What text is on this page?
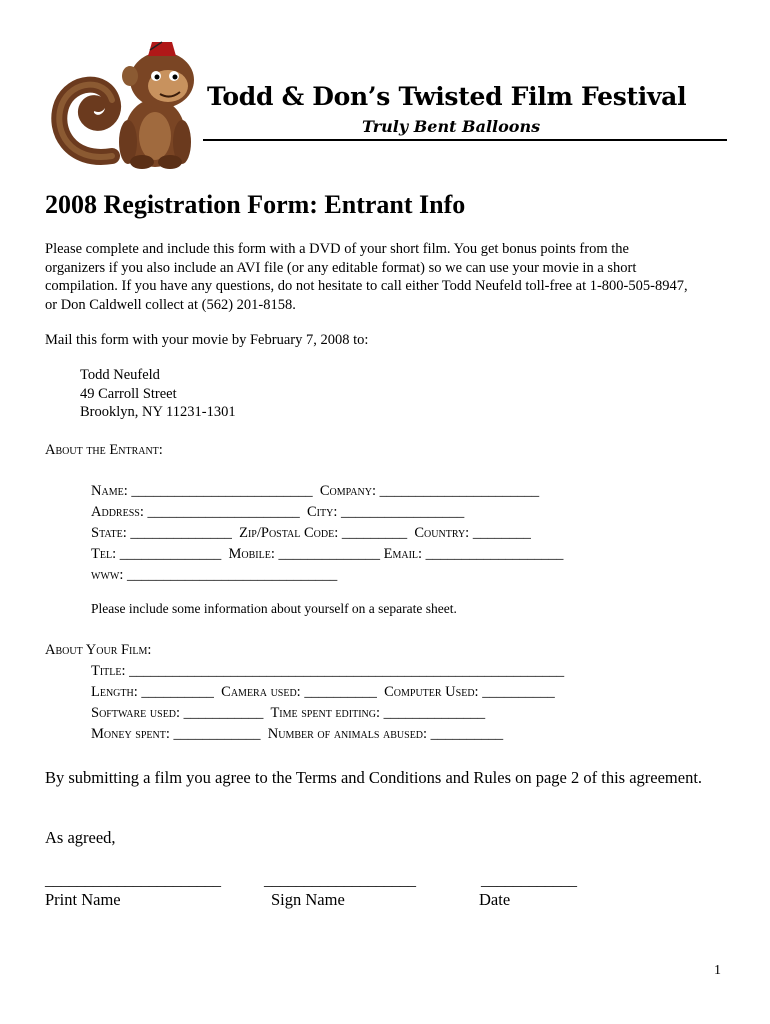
Todd & Don’s Twisted Film Festival
Truly Bent Balloons
2008 Registration Form: Entrant Info
Please complete and include this form with a DVD of your short film. You get bonus points from the
organizers if you also include an AVI file (or any editable format) so we can use your movie in a short
compilation. If you have any questions, do not hesitate to call either Todd Neufeld toll-free at 1-800-505-8947,
or Don Caldwell collect at (562) 201-8158.
Mail this form with your movie by February 7, 2008 to:
Todd Neufeld
49 Carroll Street
Brooklyn, NY 11231-1301
About the Entrant:
Name: _________________________ Company: ______________________
Address: _____________________ City: _________________
State: ______________ Zip/Postal Code: _________ Country: ________
Tel: ______________ Mobile: ______________ Email: ___________________
www: _____________________________
Please include some information about yourself on a separate sheet.
About Your Film:
Title: ____________________________________________________________
Length: __________ Camera used: __________ Computer Used: __________
Software used: ___________ Time spent editing: ______________
Money spent: ____________ Number of animals abused: __________
By submitting a film you agree to the Terms and Conditions and Rules on page 2 of this agreement.
As agreed,
______________________	___________________	____________
Print Name	Sign Name	Date
1
